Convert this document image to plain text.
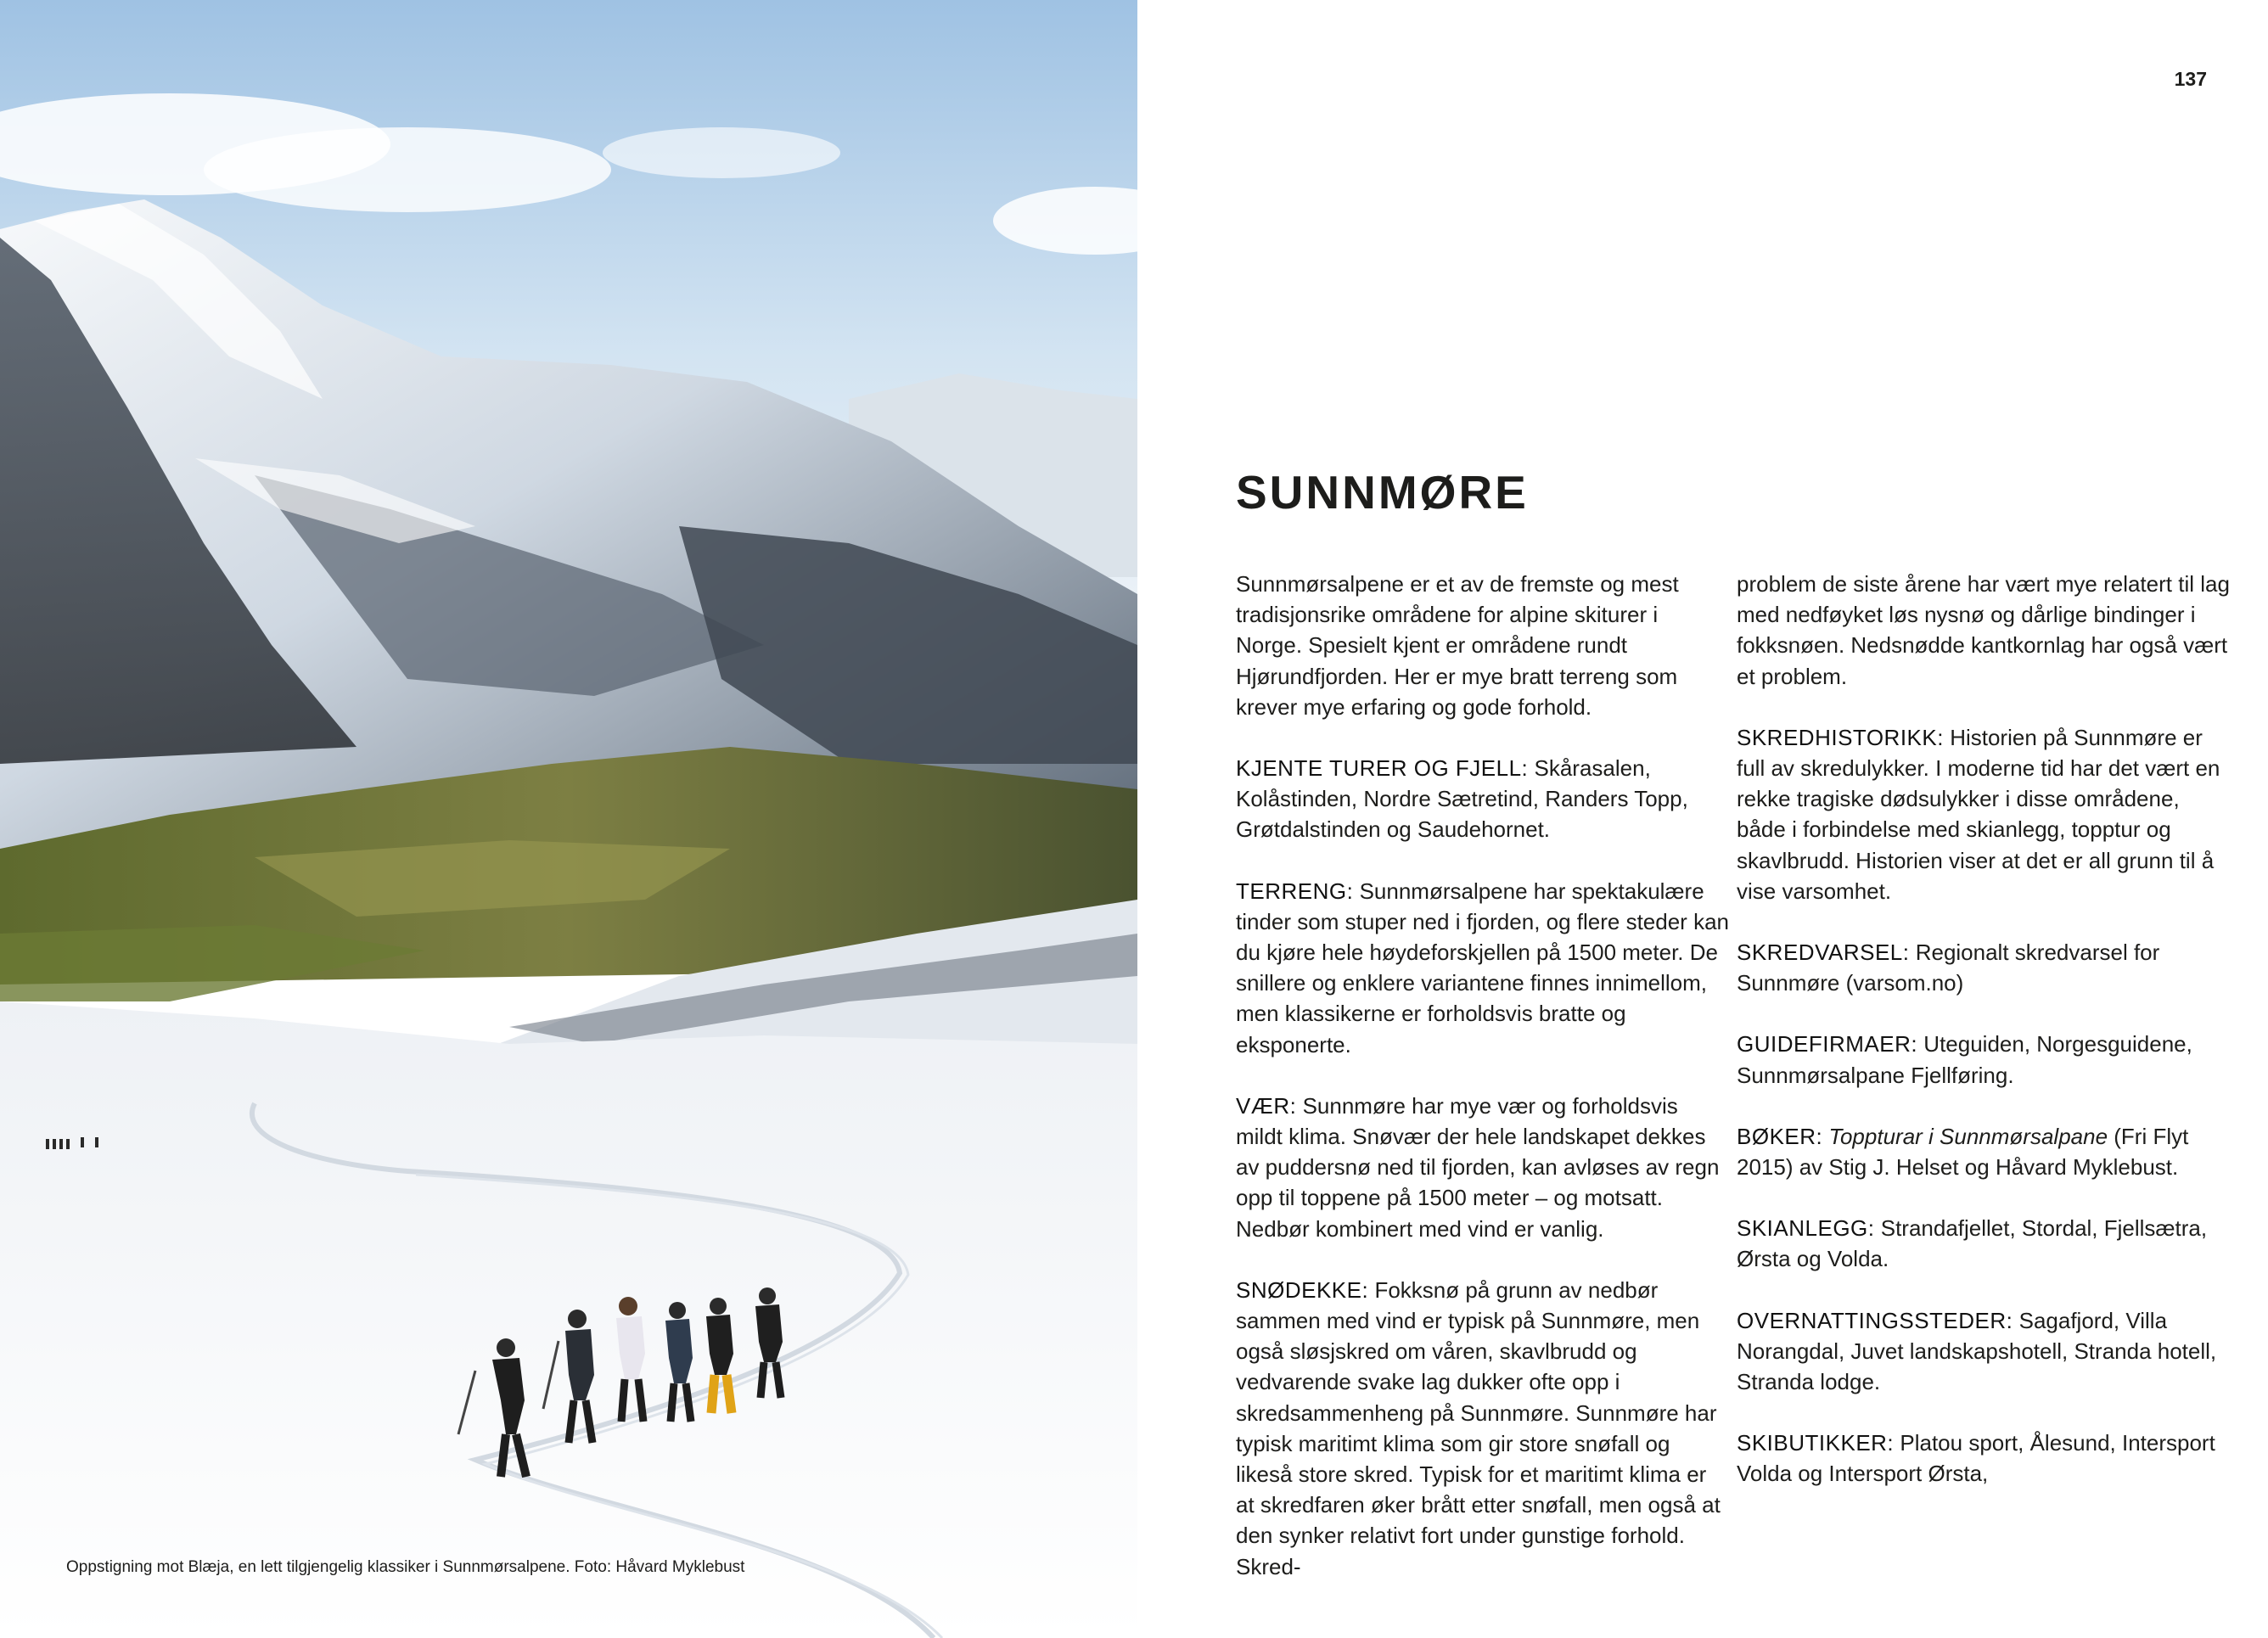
Oppstigning mot Blæja, en lett tilgjengelig klassiker i Sunnmørsalpene. Foto: Håvard Myklebust
137
SUNNMØRE

Sunnmørsalpene er et av de fremste og mest tradisjonsrike områdene for alpine skiturer i Norge. Spesielt kjent er områdene rundt Hjørundfjorden. Her er mye bratt terreng som krever mye erfaring og gode forhold.

KJENTE TURER OG FJELL: Skårasalen, Kolåstinden, Nordre Sætretind, Randers Topp, Grøtdalstinden og Saudehornet.

TERRENG: Sunnmørsalpene har spektakulære tinder som stuper ned i fjorden, og flere steder kan du kjøre hele høydeforskjellen på 1500 meter. De snillere og enklere variantene finnes innimellom, men klassikerne er forholdsvis bratte og eksponerte.

VÆR: Sunnmøre har mye vær og forholdsvis mildt klima. Snøvær der hele landskapet dekkes av puddersnø ned til fjorden, kan avløses av regn opp til toppene på 1500 meter – og motsatt. Nedbør kombinert med vind er vanlig.

SNØDEKKE: Fokksnø på grunn av nedbør sammen med vind er typisk på Sunnmøre, men også sløsjskred om våren, skavlbrudd og vedvarende svake lag dukker ofte opp i skredsammenheng på Sunnmøre. Sunnmøre har typisk maritimt klima som gir store snøfall og likeså store skred. Typisk for et maritimt klima er at skredfaren øker brått etter snøfall, men også at den synker relativt fort under gunstige forhold. Skred-

problem de siste årene har vært mye relatert til lag med nedføyket løs nysnø og dårlige bindinger i fokksnøen. Nedsnødde kantkornlag har også vært et problem.

SKREDHISTORIKK: Historien på Sunnmøre er full av skredulykker. I moderne tid har det vært en rekke tragiske dødsulykker i disse områdene, både i forbindelse med skianlegg, topptur og skavlbrudd. Historien viser at det er all grunn til å vise varsomhet.

SKREDVARSEL: Regionalt skredvarsel for Sunnmøre (varsom.no)

GUIDEFIRMAER: Uteguiden, Norgesguidene, Sunnmørsalpane Fjellføring.

BØKER: Toppturar i Sunnmørsalpane (Fri Flyt 2015) av Stig J. Helset og Håvard Myklebust.

SKIANLEGG: Strandafjellet, Stordal, Fjellsætra, Ørsta og Volda.

OVERNATTINGSSTEDER: Sagafjord, Villa Norangdal, Juvet landskapshotell, Stranda hotell, Stranda lodge.

SKIBUTIKKER: Platou sport, Ålesund, Intersport Volda og Intersport Ørsta,
